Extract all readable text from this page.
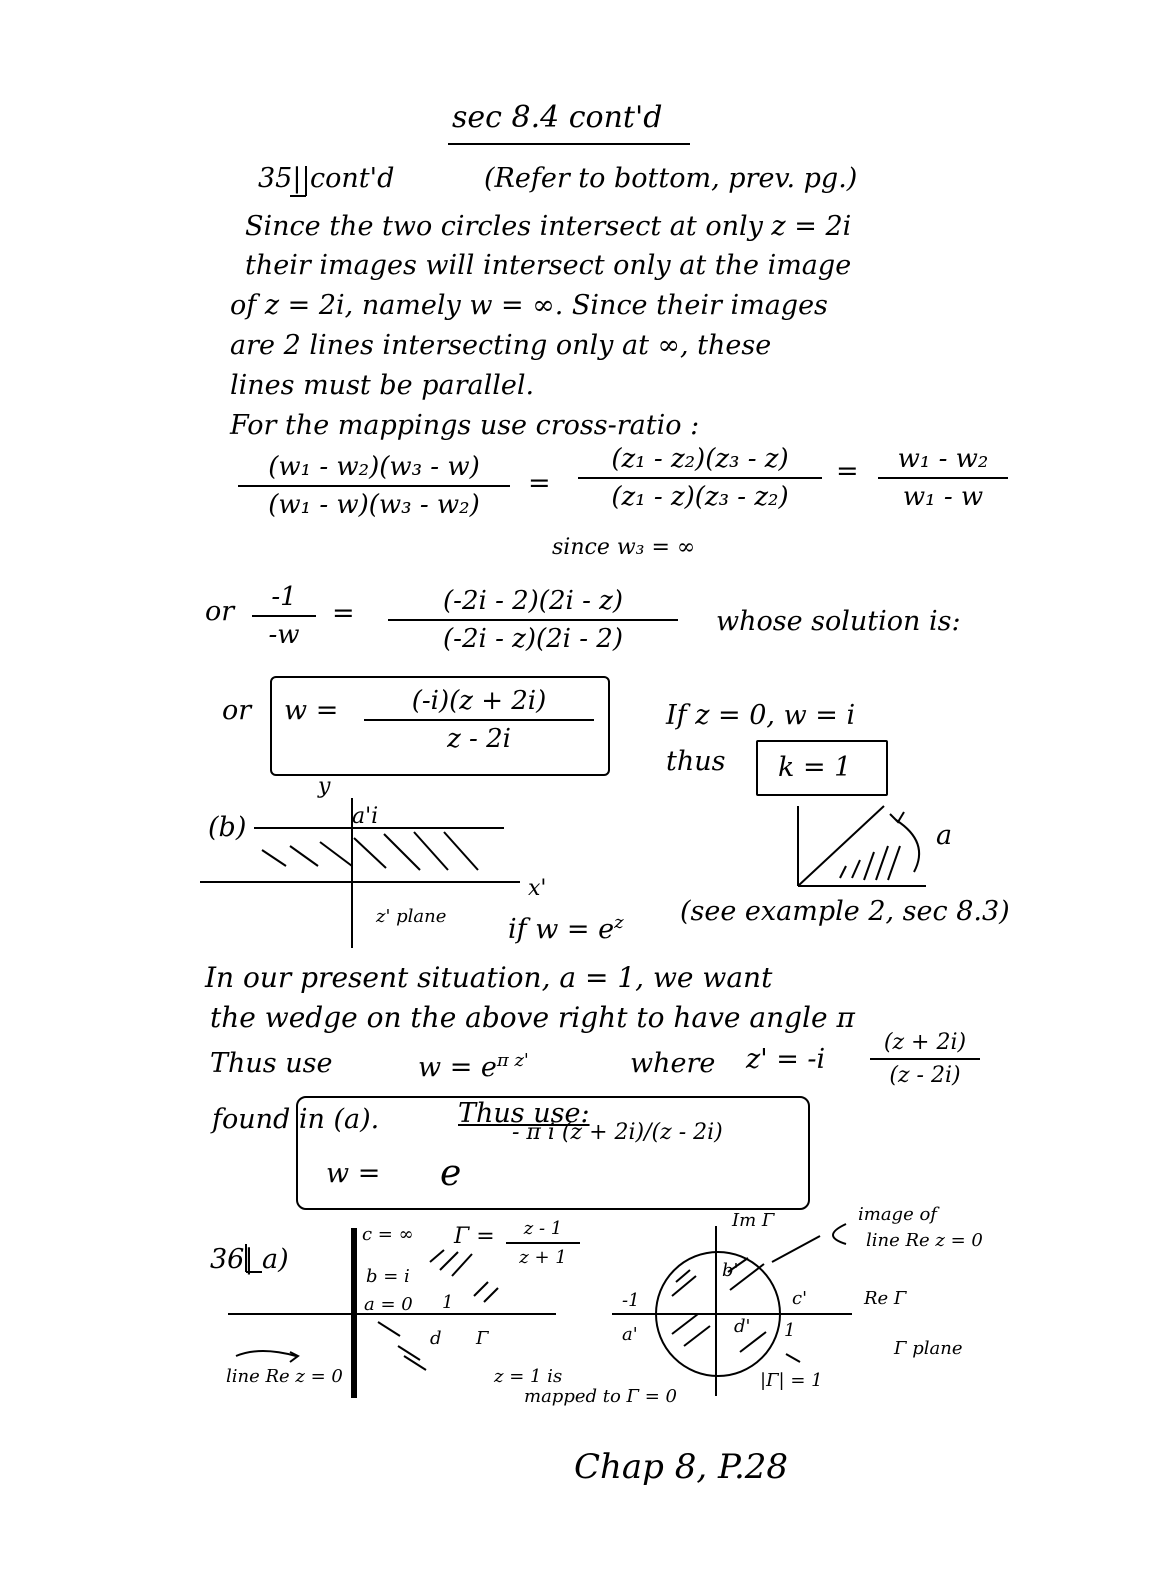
sec 8.4 cont'd
35| cont'd	(Refer to bottom, prev. pg.)
Since the two circles intersect at only z = 2i
their images will intersect only at the image
of z = 2i, namely w = ∞. Since their images
are 2 lines intersecting only at ∞, these
lines must be parallel.
For the mappings use cross-ratio :
$\frac{\text{(w₁ - w₂)(w₃ - w)}}{\text{(w₁ - w)(w₃ - w₂)}} = \frac{\text{(z₁ - z₂)(z₃ - z)}}{\text{(z₁ - z)(z₃ - z₂)}} = \frac{\text{w₁ - w₂}}{\text{w₁ - w}}$
since w₃ = ∞
or $\frac{-1}{-w} = \frac{(-2i - 2)(2i - z)}{(-2i - z)(2i - 2)}$ whose solution is:
or $w = \frac{(-i)(z + 2i)}{z - 2i}$	If z = 0, w = i
thus k = 1
(b)
y
a'i
x'
z' plane
a
if $w = e^z$ (see example 2, sec 8.3)
In our present situation, a = 1, we want
the wedge on the above right to have angle π
Thus use	$w = e^{\pi z'}$	where $z' = -i \frac{(z + 2i)}{(z - 2i)}$
found in (a).	Thus use:
w = e
- π i (z + 2i)/(z - 2i)
36| a)
c = ∞
b = i
a = 0 1
d Γ
$\Gamma = \frac{z - 1}{z + 1}$
line Re z = 0	z = 1 is
mapped to Γ = 0
Im Γ	image of
line Re z = 0
Re Γ
Γ plane
-1
1
a'
b'
c'
d'
|Γ| = 1
Chap 8, P.28
